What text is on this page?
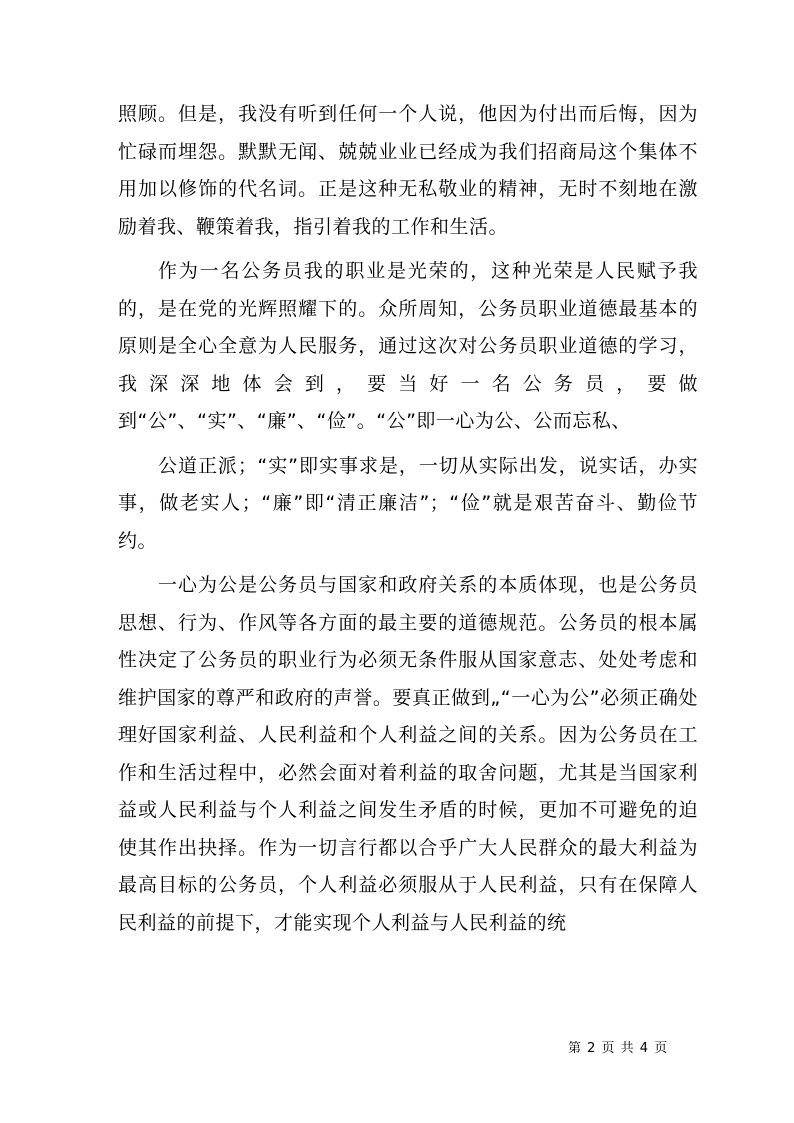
照顾。但是，我没有听到任何一个人说，他因为付出而后悔，因为忙碌而埋怨。默默无闻、兢兢业业已经成为我们招商局这个集体不用加以修饰的代名词。正是这种无私敬业的精神，无时不刻地在激励着我、鞭策着我，指引着我的工作和生活。

作为一名公务员我的职业是光荣的，这种光荣是人民赋予我的，是在党的光辉照耀下的。众所周知，公务员职业道德最基本的原则是全心全意为人民服务，通过这次对公务员职业道德的学习，我深深地体会到，要当好一名公务员，要做到“公”、“实”、“廉”、“俭”。“公”即一心为公、公而忘私、

公道正派；“实”即实事求是，一切从实际出发，说实话，办实事，做老实人；“廉”即“清正廉洁”；“俭”就是艰苦奋斗、勤俭节约。

一心为公是公务员与国家和政府关系的本质体现，也是公务员思想、行为、作风等各方面的最主要的道德规范。公务员的根本属性决定了公务员的职业行为必须无条件服从国家意志、处处考虑和维护国家的尊严和政府的声誉。要真正做到„“一心为公”必须正确处理好国家利益、人民利益和个人利益之间的关系。因为公务员在工作和生活过程中，必然会面对着利益的取舍问题，尤其是当国家利益或人民利益与个人利益之间发生矛盾的时候，更加不可避免的迫使其作出抉择。作为一切言行都以合乎广大人民群众的最大利益为最高目标的公务员，个人利益必须服从于人民利益，只有在保障人民利益的前提下，才能实现个人利益与人民利益的统

第 2 页 共 4 页
